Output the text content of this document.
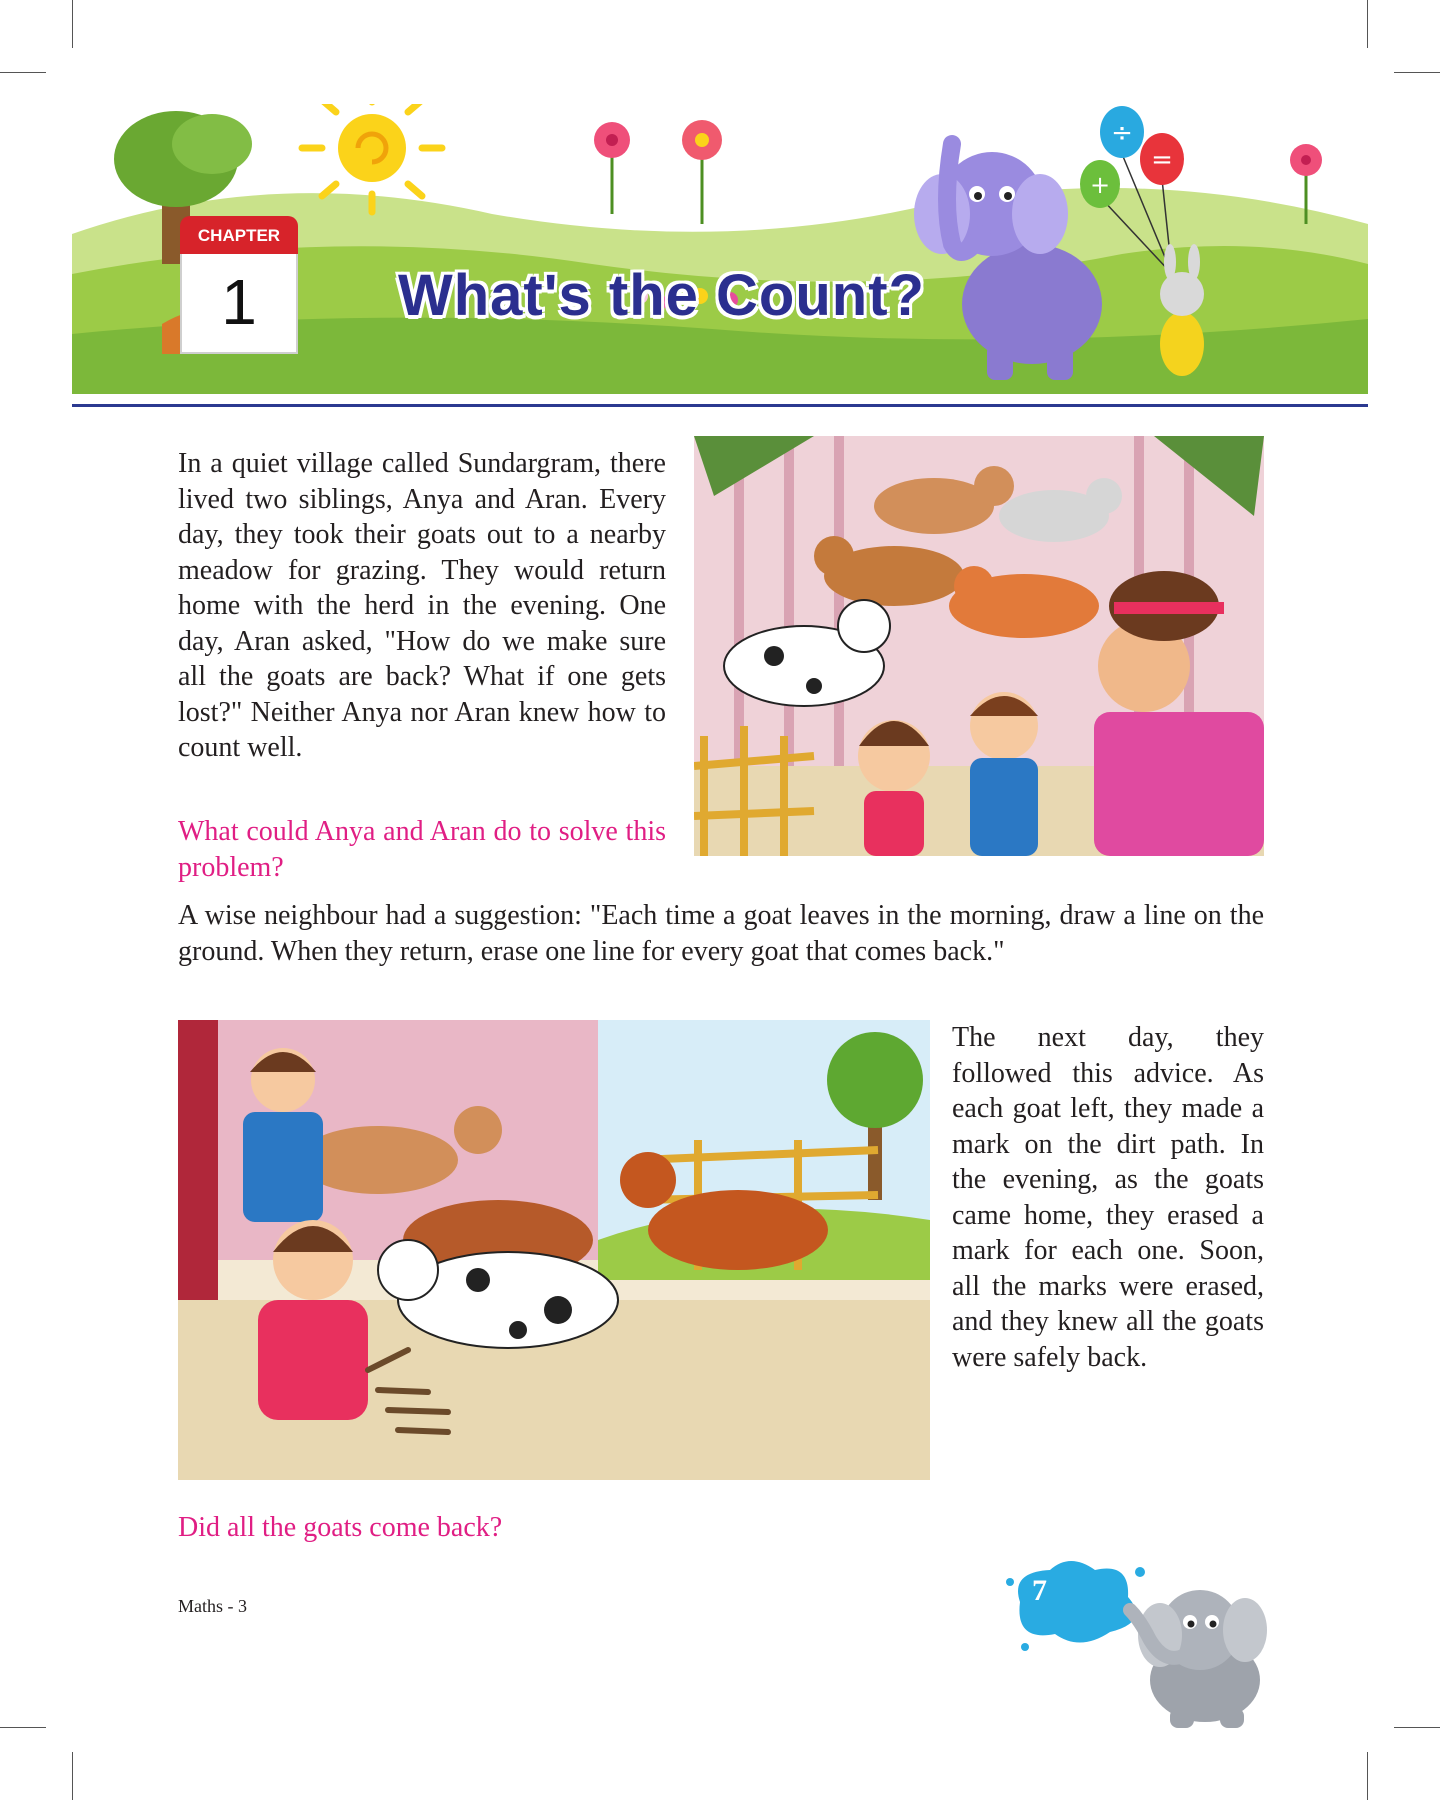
÷
=
+
CHAPTER
1	What's the Count?

In a quiet village called Sundargram, there lived two siblings, Anya and Aran. Every day, they took their goats out to a nearby meadow for grazing. They would return home with the herd in the evening. One day, Aran asked, "How do we make sure all the goats are back? What if one gets lost?" Neither Anya nor Aran knew how to count well.

What could Anya and Aran do to solve this problem?

A wise neighbour had a suggestion: "Each time a goat leaves in the morning, draw a line on the ground. When they return, erase one line for every goat that comes back."

The next day, they followed this advice. As each goat left, they made a mark on the dirt path. In the evening, as the goats came home, they erased a mark for each one. Soon, all the marks were erased, and they knew all the goats were safely back.

Did all the goats come back?

Maths - 3	7
